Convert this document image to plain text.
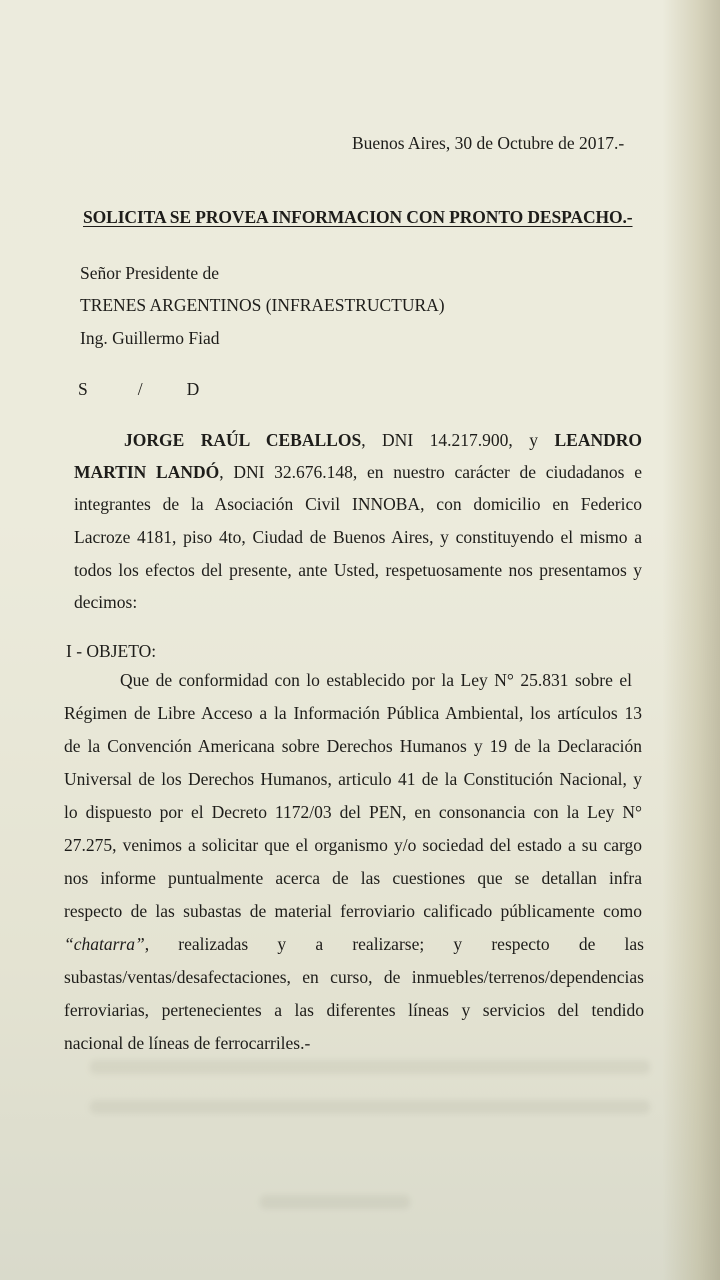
Buenos Aires, 30 de Octubre de 2017.-
SOLICITA SE PROVEA INFORMACION CON PRONTO DESPACHO.-
Señor Presidente de
TRENES ARGENTINOS (INFRAESTRUCTURA)
Ing. Guillermo Fiad
S	/	D
JORGE RAÚL CEBALLOS, DNI 14.217.900, y LEANDRO
MARTIN LANDÓ, DNI 32.676.148, en nuestro carácter de ciudadanos e
integrantes de la Asociación Civil INNOBA, con domicilio en Federico
Lacroze 4181, piso 4to, Ciudad de Buenos Aires, y constituyendo el mismo a
todos los efectos del presente, ante Usted, respetuosamente nos presentamos y
decimos:
I - OBJETO:
Que de conformidad con lo establecido por la Ley N° 25.831 sobre el
Régimen de Libre Acceso a la Información Pública Ambiental, los artículos 13
de la Convención Americana sobre Derechos Humanos y 19 de la Declaración
Universal de los Derechos Humanos, articulo 41 de la Constitución Nacional, y
lo dispuesto por el Decreto 1172/03 del PEN, en consonancia con la Ley N°
27.275, venimos a solicitar que el organismo y/o sociedad del estado a su cargo
nos informe puntualmente acerca de las cuestiones que se detallan infra
respecto de las subastas de material ferroviario calificado públicamente como
“chatarra”, realizadas y a realizarse; y respecto de las
subastas/ventas/desafectaciones, en curso, de inmuebles/terrenos/dependencias
ferroviarias, pertenecientes a las diferentes líneas y servicios del tendido
nacional de líneas de ferrocarriles.-
